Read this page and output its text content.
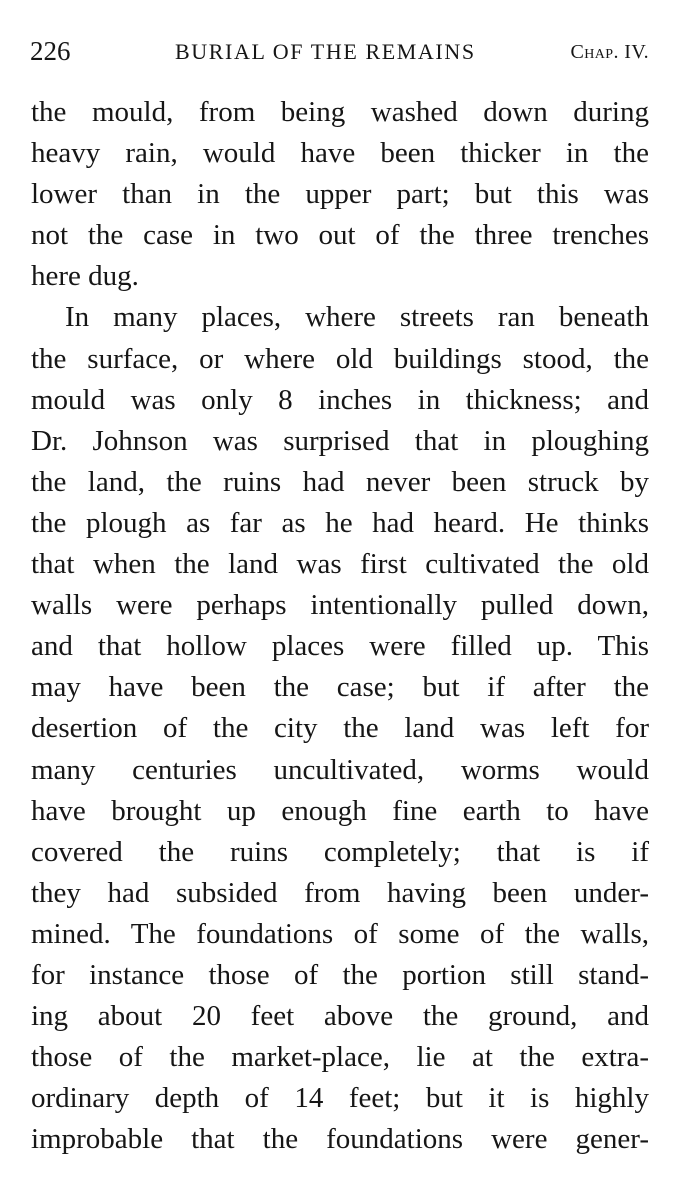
226	BURIAL OF THE REMAINS	Chap. IV.
the mould, from being washed down during
heavy rain, would have been thicker in the
lower than in the upper part; but this was
not the case in two out of the three trenches
here dug.
In many places, where streets ran beneath
the surface, or where old buildings stood, the
mould was only 8 inches in thickness; and
Dr. Johnson was surprised that in ploughing
the land, the ruins had never been struck by
the plough as far as he had heard. He thinks
that when the land was first cultivated the old
walls were perhaps intentionally pulled down,
and that hollow places were filled up. This
may have been the case; but if after the
desertion of the city the land was left for
many centuries uncultivated, worms would
have brought up enough fine earth to have
covered the ruins completely; that is if
they had subsided from having been under-
mined. The foundations of some of the walls,
for instance those of the portion still stand-
ing about 20 feet above the ground, and
those of the market-place, lie at the extra-
ordinary depth of 14 feet; but it is highly
improbable that the foundations were gener-
